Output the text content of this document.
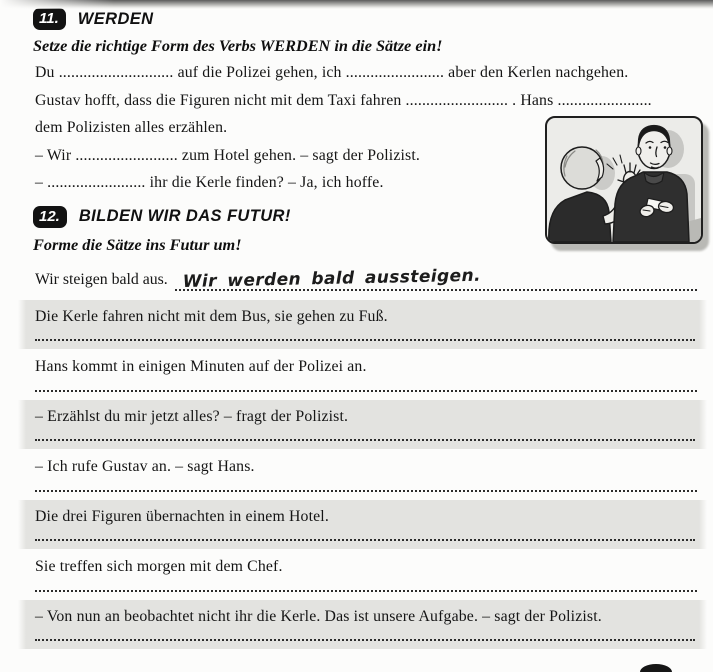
11.	WERDEN

Setze die richtige Form des Verbs WERDEN in die Sätze ein!

Du ............................ auf die Polizei gehen, ich ........................ aber den Kerlen nachgehen.
Gustav hofft, dass die Figuren nicht mit dem Taxi fahren ......................... . Hans .......................
dem Polizisten alles erzählen.
– Wir ......................... zum Hotel gehen. – sagt der Polizist.
– ........................ ihr die Kerle finden? – Ja, ich hoffe.
12.	BILDEN WIR DAS FUTUR!

Forme die Sätze ins Futur um!

Wir steigen bald aus. Wir werden bald aussteigen.
Die Kerle fahren nicht mit dem Bus, sie gehen zu Fuß.
Hans kommt in einigen Minuten auf der Polizei an.
– Erzählst du mir jetzt alles? – fragt der Polizist.
– Ich rufe Gustav an. – sagt Hans.
Die drei Figuren übernachten in einem Hotel.
Sie treffen sich morgen mit dem Chef.
– Von nun an beobachtet nicht ihr die Kerle. Das ist unsere Aufgabe. – sagt der Polizist.
